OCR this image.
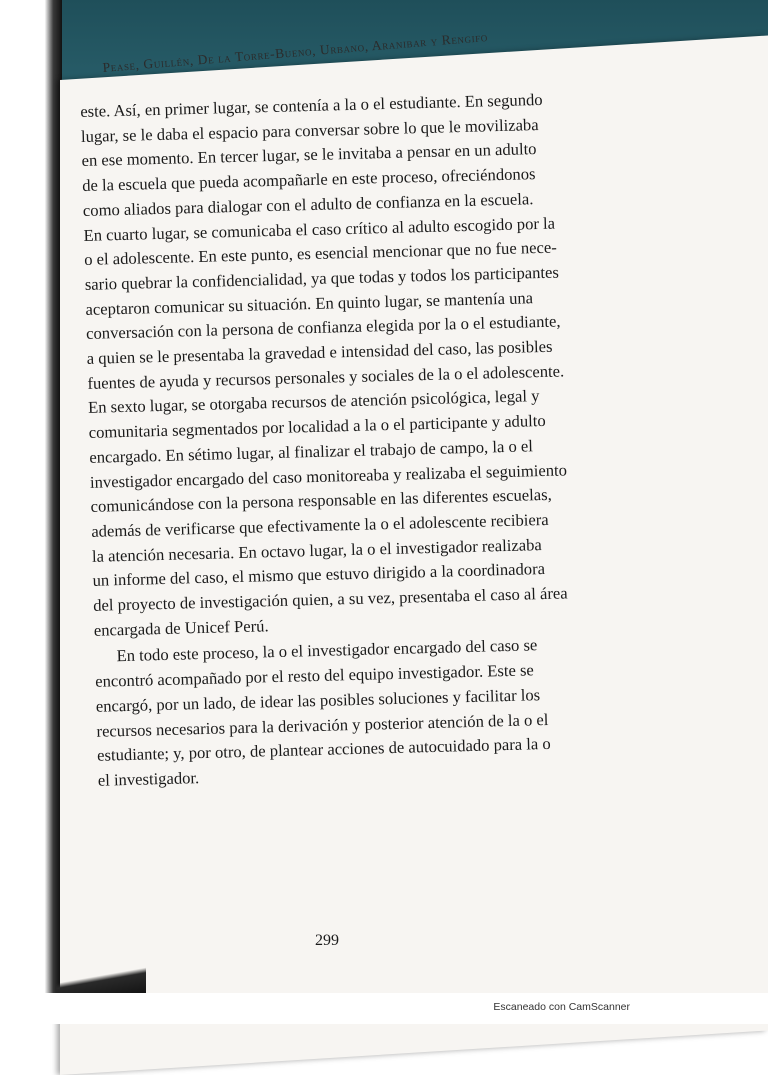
Pease, Guillén, De la Torre-Bueno, Urbano, Aranibar y Rengifo

este. Así, en primer lugar, se contenía a la o el estudiante. En segundo
lugar, se le daba el espacio para conversar sobre lo que le movilizaba
en ese momento. En tercer lugar, se le invitaba a pensar en un adulto
de la escuela que pueda acompañarle en este proceso, ofreciéndonos
como aliados para dialogar con el adulto de confianza en la escuela.
En cuarto lugar, se comunicaba el caso crítico al adulto escogido por la
o el adolescente. En este punto, es esencial mencionar que no fue nece-
sario quebrar la confidencialidad, ya que todas y todos los participantes
aceptaron comunicar su situación. En quinto lugar, se mantenía una
conversación con la persona de confianza elegida por la o el estudiante,
a quien se le presentaba la gravedad e intensidad del caso, las posibles
fuentes de ayuda y recursos personales y sociales de la o el adolescente.
En sexto lugar, se otorgaba recursos de atención psicológica, legal y
comunitaria segmentados por localidad a la o el participante y adulto
encargado. En sétimo lugar, al finalizar el trabajo de campo, la o el
investigador encargado del caso monitoreaba y realizaba el seguimiento
comunicándose con la persona responsable en las diferentes escuelas,
además de verificarse que efectivamente la o el adolescente recibiera
la atención necesaria. En octavo lugar, la o el investigador realizaba
un informe del caso, el mismo que estuvo dirigido a la coordinadora
del proyecto de investigación quien, a su vez, presentaba el caso al área
encargada de Unicef Perú.

En todo este proceso, la o el investigador encargado del caso se
encontró acompañado por el resto del equipo investigador. Este se
encargó, por un lado, de idear las posibles soluciones y facilitar los
recursos necesarios para la derivación y posterior atención de la o el
estudiante; y, por otro, de plantear acciones de autocuidado para la o
el investigador.

299
Escaneado con CamScanner
